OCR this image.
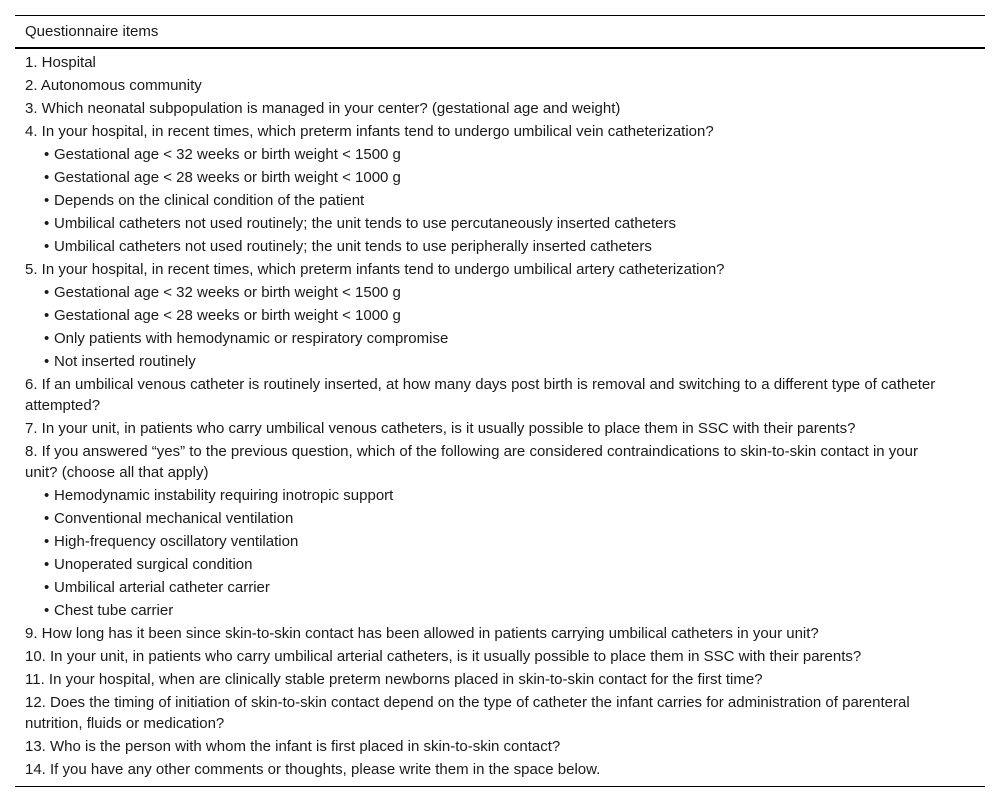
Questionnaire items
1. Hospital
2. Autonomous community
3. Which neonatal subpopulation is managed in your center? (gestational age and weight)
4. In your hospital, in recent times, which preterm infants tend to undergo umbilical vein catheterization?
• Gestational age < 32 weeks or birth weight < 1500 g
• Gestational age < 28 weeks or birth weight < 1000 g
• Depends on the clinical condition of the patient
• Umbilical catheters not used routinely; the unit tends to use percutaneously inserted catheters
• Umbilical catheters not used routinely; the unit tends to use peripherally inserted catheters
5. In your hospital, in recent times, which preterm infants tend to undergo umbilical artery catheterization?
• Gestational age < 32 weeks or birth weight < 1500 g
• Gestational age < 28 weeks or birth weight < 1000 g
• Only patients with hemodynamic or respiratory compromise
• Not inserted routinely
6. If an umbilical venous catheter is routinely inserted, at how many days post birth is removal and switching to a different type of catheter attempted?
7. In your unit, in patients who carry umbilical venous catheters, is it usually possible to place them in SSC with their parents?
8. If you answered “yes” to the previous question, which of the following are considered contraindications to skin-to-skin contact in your unit? (choose all that apply)
• Hemodynamic instability requiring inotropic support
• Conventional mechanical ventilation
• High-frequency oscillatory ventilation
• Unoperated surgical condition
• Umbilical arterial catheter carrier
• Chest tube carrier
9. How long has it been since skin-to-skin contact has been allowed in patients carrying umbilical catheters in your unit?
10. In your unit, in patients who carry umbilical arterial catheters, is it usually possible to place them in SSC with their parents?
11. In your hospital, when are clinically stable preterm newborns placed in skin-to-skin contact for the first time?
12. Does the timing of initiation of skin-to-skin contact depend on the type of catheter the infant carries for administration of parenteral nutrition, fluids or medication?
13. Who is the person with whom the infant is first placed in skin-to-skin contact?
14. If you have any other comments or thoughts, please write them in the space below.
